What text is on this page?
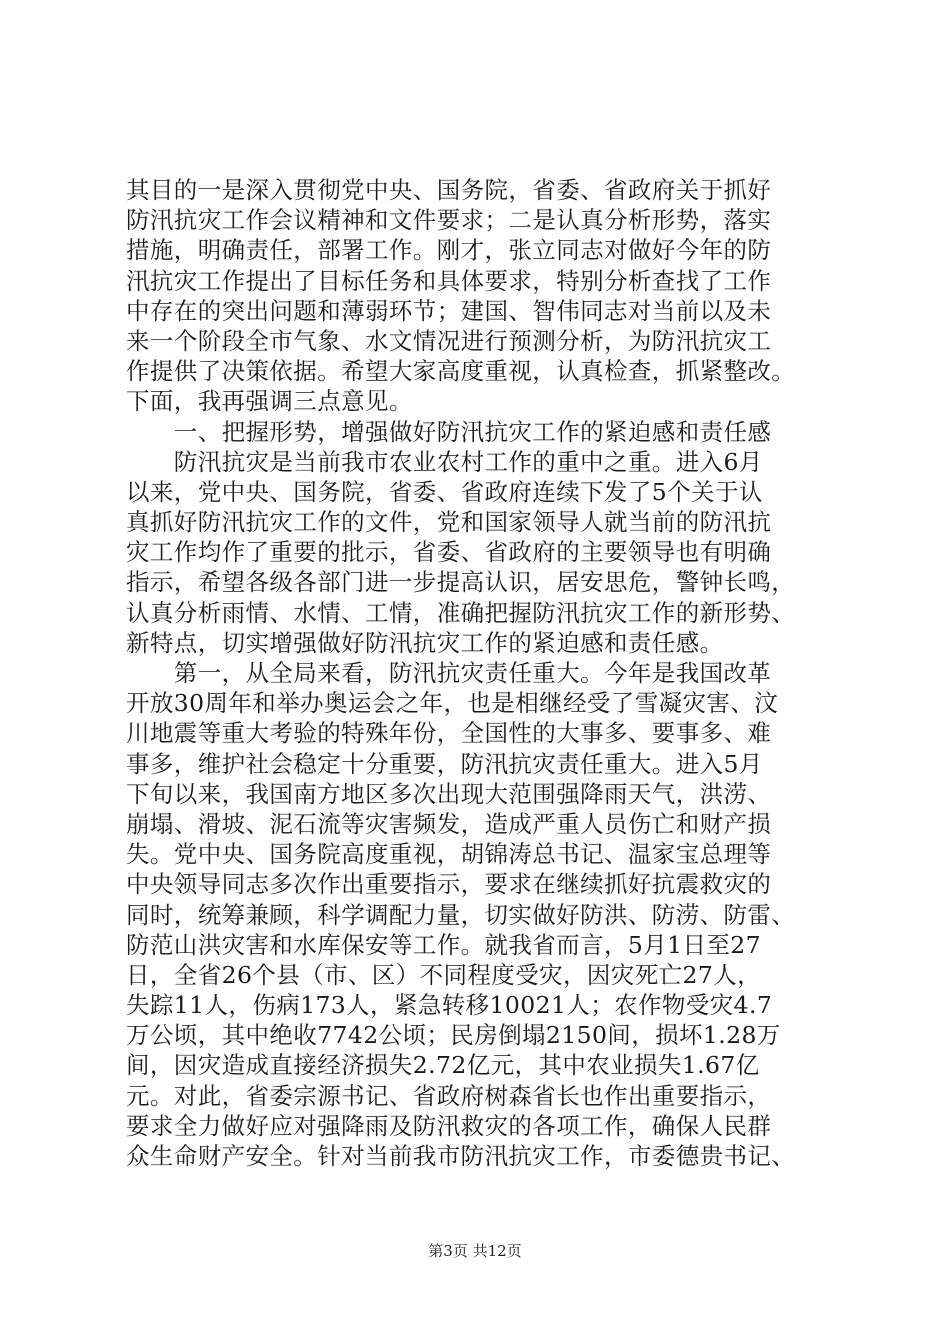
其目的一是深入贯彻党中央、国务院，省委、省政府关于抓好
防汛抗灾工作会议精神和文件要求；二是认真分析形势，落实
措施，明确责任，部署工作。刚才，张立同志对做好今年的防
汛抗灾工作提出了目标任务和具体要求，特别分析查找了工作
中存在的突出问题和薄弱环节；建国、智伟同志对当前以及未
来一个阶段全市气象、水文情况进行预测分析，为防汛抗灾工
作提供了决策依据。希望大家高度重视，认真检查，抓紧整改。
下面，我再强调三点意见。
　　一、把握形势，增强做好防汛抗灾工作的紧迫感和责任感
　　防汛抗灾是当前我市农业农村工作的重中之重。进入6月
以来，党中央、国务院，省委、省政府连续下发了5个关于认
真抓好防汛抗灾工作的文件，党和国家领导人就当前的防汛抗
灾工作均作了重要的批示，省委、省政府的主要领导也有明确
指示，希望各级各部门进一步提高认识，居安思危，警钟长鸣，
认真分析雨情、水情、工情，准确把握防汛抗灾工作的新形势、
新特点，切实增强做好防汛抗灾工作的紧迫感和责任感。
　　第一，从全局来看，防汛抗灾责任重大。今年是我国改革
开放30周年和举办奥运会之年，也是相继经受了雪凝灾害、汶
川地震等重大考验的特殊年份，全国性的大事多、要事多、难
事多，维护社会稳定十分重要，防汛抗灾责任重大。进入5月
下旬以来，我国南方地区多次出现大范围强降雨天气，洪涝、
崩塌、滑坡、泥石流等灾害频发，造成严重人员伤亡和财产损
失。党中央、国务院高度重视，胡锦涛总书记、温家宝总理等
中央领导同志多次作出重要指示，要求在继续抓好抗震救灾的
同时，统筹兼顾，科学调配力量，切实做好防洪、防涝、防雷、
防范山洪灾害和水库保安等工作。就我省而言，5月1日至27
日，全省26个县（市、区）不同程度受灾，因灾死亡27人，
失踪11人，伤病173人，紧急转移10021人；农作物受灾4.7
万公顷，其中绝收7742公顷；民房倒塌2150间，损坏1.28万
间，因灾造成直接经济损失2.72亿元，其中农业损失1.67亿
元。对此，省委宗源书记、省政府树森省长也作出重要指示，
要求全力做好应对强降雨及防汛救灾的各项工作，确保人民群
众生命财产安全。针对当前我市防汛抗灾工作，市委德贵书记、
第3页 共12页
